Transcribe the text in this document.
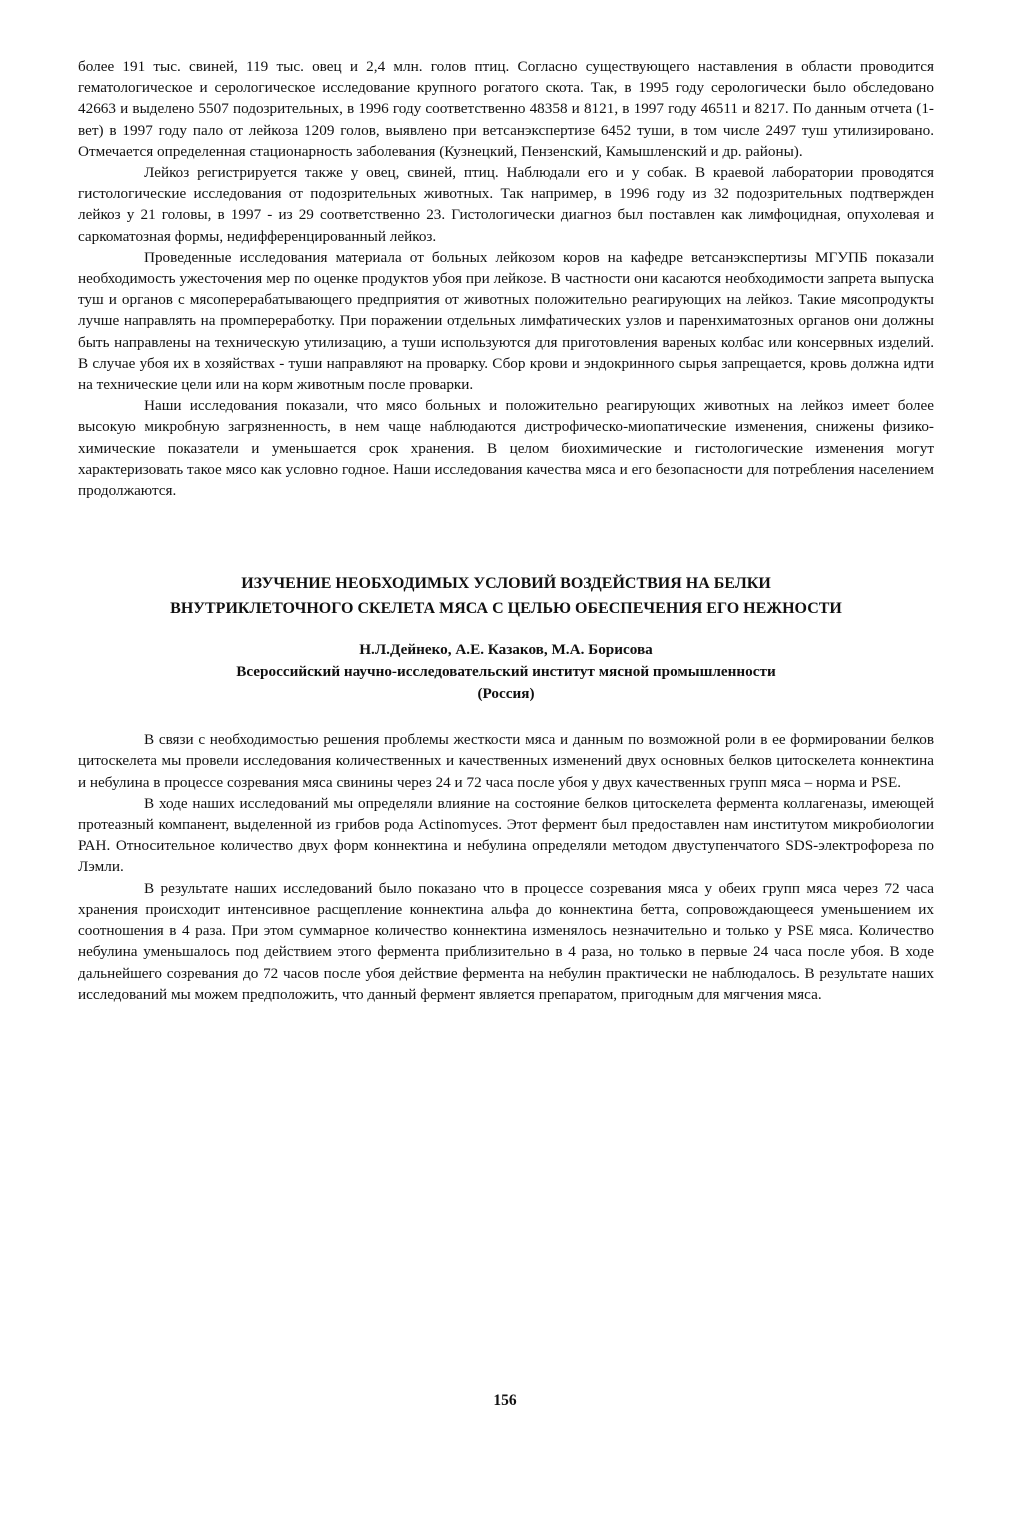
более 191 тыс. свиней, 119 тыс. овец и 2,4 млн. голов птиц. Согласно существующего наставления в области проводится гематологическое и серологическое исследование крупного рогатого скота. Так, в 1995 году серологически было обследовано 42663 и выделено 5507 подозрительных, в 1996 году соответственно 48358 и 8121, в 1997 году 46511 и 8217. По данным отчета (1-вет) в 1997 году пало от лейкоза 1209 голов, выявлено при ветсанэкспертизе 6452 туши, в том числе 2497 туш утилизировано. Отмечается определенная стационарность заболевания (Кузнецкий, Пензенский, Камышленский и др. районы).

Лейкоз регистрируется также у овец, свиней, птиц. Наблюдали его и у собак. В краевой лаборатории проводятся гистологические исследования от подозрительных животных. Так например, в 1996 году из 32 подозрительных подтвержден лейкоз у 21 головы, в 1997 - из 29 соответственно 23. Гистологически диагноз был поставлен как лимфоцидная, опухолевая и саркоматозная формы, недифференцированный лейкоз.

Проведенные исследования материала от больных лейкозом коров на кафедре ветсанэкспертизы МГУПБ показали необходимость ужесточения мер по оценке продуктов убоя при лейкозе. В частности они касаются необходимости запрета выпуска туш и органов с мясоперерабатывающего предприятия от животных положительно реагирующих на лейкоз. Такие мясопродукты лучше направлять на промпереработку. При поражении отдельных лимфатических узлов и паренхиматозных органов они должны быть направлены на техническую утилизацию, а туши используются для приготовления вареных колбас или консервных изделий. В случае убоя их в хозяйствах - туши направляют на проварку. Сбор крови и эндокринного сырья запрещается, кровь должна идти на технические цели или на корм животным после проварки.

Наши исследования показали, что мясо больных и положительно реагирующих животных на лейкоз имеет более высокую микробную загрязненность, в нем чаще наблюдаются дистрофическо-миопатические изменения, снижены физико-химические показатели и уменьшается срок хранения. В целом биохимические и гистологические изменения могут характеризовать такое мясо как условно годное. Наши исследования качества мяса и его безопасности для потребления населением продолжаются.

ИЗУЧЕНИЕ НЕОБХОДИМЫХ УСЛОВИЙ ВОЗДЕЙСТВИЯ НА БЕЛКИ
ВНУТРИКЛЕТОЧНОГО СКЕЛЕТА МЯСА С ЦЕЛЬЮ ОБЕСПЕЧЕНИЯ ЕГО НЕЖНОСТИ
Н.Л.Дейнеко, А.Е. Казаков, М.А. Борисова
Всероссийский научно-исследовательский институт мясной промышленности
(Россия)

В связи с необходимостью решения проблемы жесткости мяса и данным по возможной роли в ее формировании белков цитоскелета мы провели исследования количественных и качественных изменений двух основных белков цитоскелета коннектина и небулина в процессе созревания мяса свинины через 24 и 72 часа после убоя у двух качественных групп мяса – норма и PSE.

В ходе наших исследований мы определяли влияние на состояние белков цитоскелета фермента коллагеназы, имеющей протеазный компанент, выделенной из грибов рода Actinomyces. Этот фермент был предоставлен нам институтом микробиологии РАН. Относительное количество двух форм коннектина и небулина определяли методом двуступенчатого SDS-электрофореза по Лэмли.

В результате наших исследований было показано что в процессе созревания мяса у обеих групп мяса через 72 часа хранения происходит интенсивное расщепление коннектина альфа до коннектина бетта, сопровождающееся уменьшением их соотношения в 4 раза. При этом суммарное количество коннектина изменялось незначительно и только у PSE мяса. Количество небулина уменьшалось под действием этого фермента приблизительно в 4 раза, но только в первые 24 часа после убоя. В ходе дальнейшего созревания до 72 часов после убоя действие фермента на небулин практически не наблюдалось. В результате наших исследований мы можем предположить, что данный фермент является препаратом, пригодным для мягчения мяса.

156
